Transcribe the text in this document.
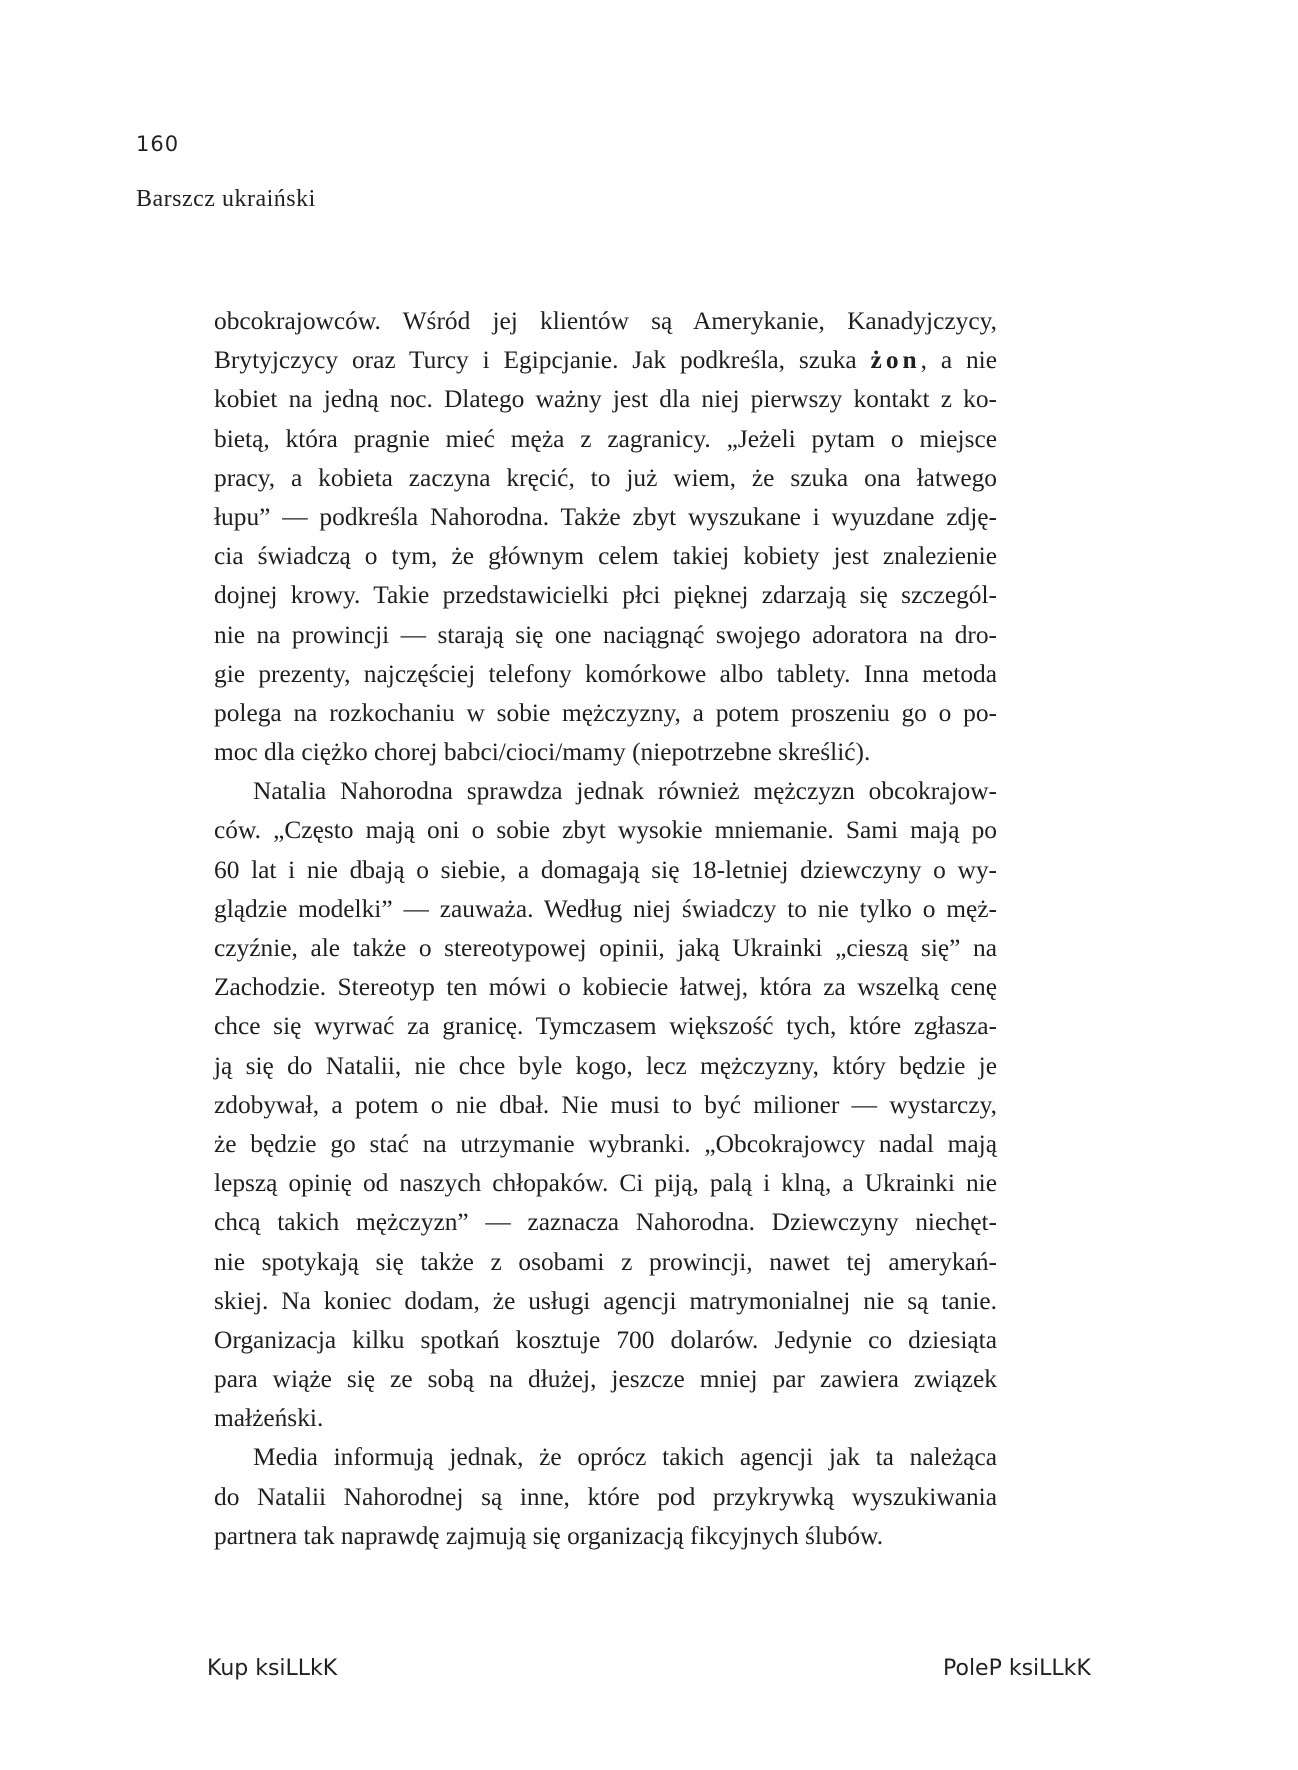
160
Barszcz ukraiński
obcokrajowców. Wśród jej klientów są Amerykanie, Kanadyjczycy,
Brytyjczycy oraz Turcy i Egipcjanie. Jak podkreśla, szuka żon, a nie
kobiet na jedną noc. Dlatego ważny jest dla niej pierwszy kontakt z ko-
bietą, która pragnie mieć męża z zagranicy. „Jeżeli pytam o miejsce
pracy, a kobieta zaczyna kręcić, to już wiem, że szuka ona łatwego
łupu” — podkreśla Nahorodna. Także zbyt wyszukane i wyuzdane zdję-
cia świadczą o tym, że głównym celem takiej kobiety jest znalezienie
dojnej krowy. Takie przedstawicielki płci pięknej zdarzają się szczegól-
nie na prowincji — starają się one naciągnąć swojego adoratora na dro-
gie prezenty, najczęściej telefony komórkowe albo tablety. Inna metoda
polega na rozkochaniu w sobie mężczyzny, a potem proszeniu go o po-
moc dla ciężko chorej babci/cioci/mamy (niepotrzebne skreślić).
Natalia Nahorodna sprawdza jednak również mężczyzn obcokrajow-
ców. „Często mają oni o sobie zbyt wysokie mniemanie. Sami mają po
60 lat i nie dbają o siebie, a domagają się 18-letniej dziewczyny o wy-
glądzie modelki” — zauważa. Według niej świadczy to nie tylko o męż-
czyźnie, ale także o stereotypowej opinii, jaką Ukrainki „cieszą się” na
Zachodzie. Stereotyp ten mówi o kobiecie łatwej, która za wszelką cenę
chce się wyrwać za granicę. Tymczasem większość tych, które zgłasza-
ją się do Natalii, nie chce byle kogo, lecz mężczyzny, który będzie je
zdobywał, a potem o nie dbał. Nie musi to być milioner — wystarczy,
że będzie go stać na utrzymanie wybranki. „Obcokrajowcy nadal mają
lepszą opinię od naszych chłopaków. Ci piją, palą i klną, a Ukrainki nie
chcą takich mężczyzn” — zaznacza Nahorodna. Dziewczyny niechęt-
nie spotykają się także z osobami z prowincji, nawet tej amerykań-
skiej. Na koniec dodam, że usługi agencji matrymonialnej nie są tanie.
Organizacja kilku spotkań kosztuje 700 dolarów. Jedynie co dziesiąta
para wiąże się ze sobą na dłużej, jeszcze mniej par zawiera związek
małżeński.
Media informują jednak, że oprócz takich agencji jak ta należąca
do Natalii Nahorodnej są inne, które pod przykrywką wyszukiwania
partnera tak naprawdę zajmują się organizacją fikcyjnych ślubów.
Kup ksiLLkK	PoleP ksiLLkK
